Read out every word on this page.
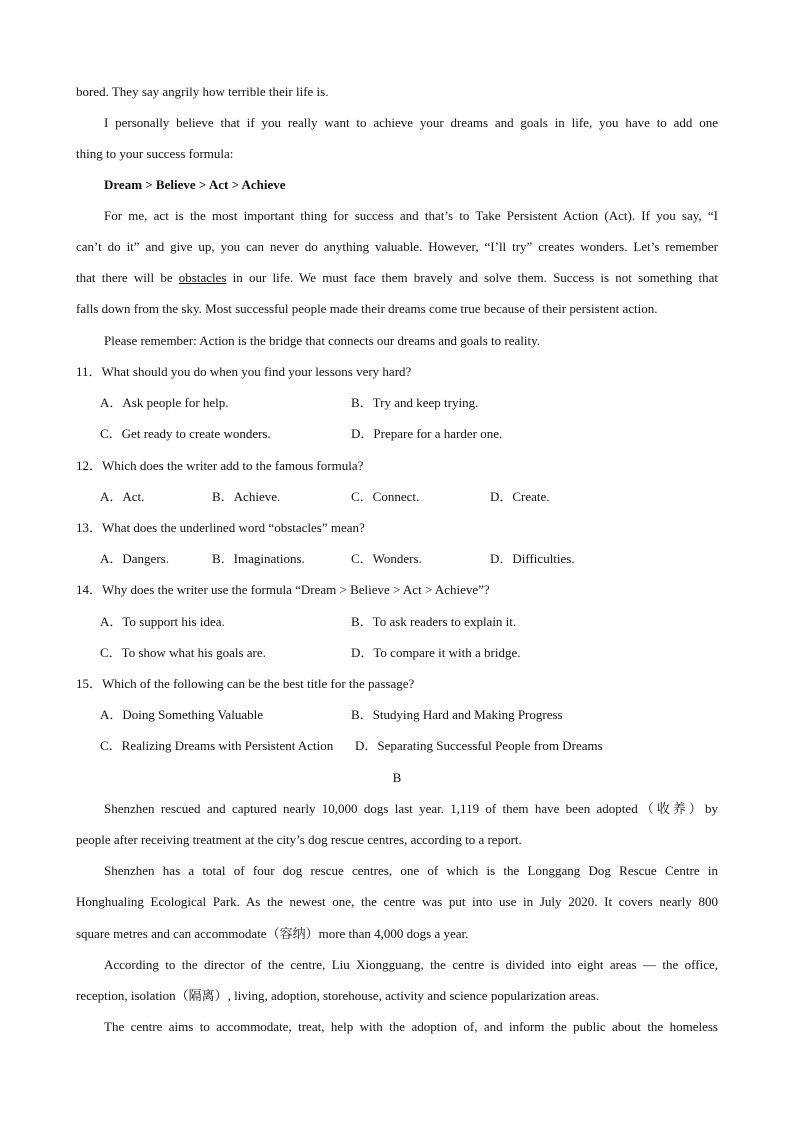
bored. They say angrily how terrible their life is.
I personally believe that if you really want to achieve your dreams and goals in life, you have to add one
thing to your success formula:
Dream > Believe > Act > Achieve
For me, act is the most important thing for success and that’s to Take Persistent Action (Act). If you say, “I
can’t do it” and give up, you can never do anything valuable. However, “I’ll try” creates wonders. Let’s remember
that there will be obstacles in our life. We must face them bravely and solve them. Success is not something that
falls down from the sky. Most successful people made their dreams come true because of their persistent action.
Please remember: Action is the bridge that connects our dreams and goals to reality.
11．What should you do when you find your lessons very hard?
A．Ask people for help.	B．Try and keep trying.
C．Get ready to create wonders.	D．Prepare for a harder one.
12．Which does the writer add to the famous formula?
A．Act.	B．Achieve.	C．Connect.	D．Create.
13．What does the underlined word “obstacles” mean?
A．Dangers.	B．Imaginations.	C．Wonders.	D．Difficulties.
14．Why does the writer use the formula “Dream > Believe > Act > Achieve”?
A．To support his idea.	B．To ask readers to explain it.
C．To show what his goals are.	D．To compare it with a bridge.
15．Which of the following can be the best title for the passage?
A．Doing Something Valuable	B．Studying Hard and Making Progress
C．Realizing Dreams with Persistent Action D．Separating Successful People from Dreams
B
Shenzhen rescued and captured nearly 10,000 dogs last year. 1,119 of them have been adopted（收养）by
people after receiving treatment at the city’s dog rescue centres, according to a report.
Shenzhen has a total of four dog rescue centres, one of which is the Longgang Dog Rescue Centre in
Honghualing Ecological Park. As the newest one, the centre was put into use in July 2020. It covers nearly 800
square metres and can accommodate（容纳）more than 4,000 dogs a year.
According to the director of the centre, Liu Xiongguang, the centre is divided into eight areas — the office,
reception, isolation（隔离）, living, adoption, storehouse, activity and science popularization areas.
The centre aims to accommodate, treat, help with the adoption of, and inform the public about the homeless
